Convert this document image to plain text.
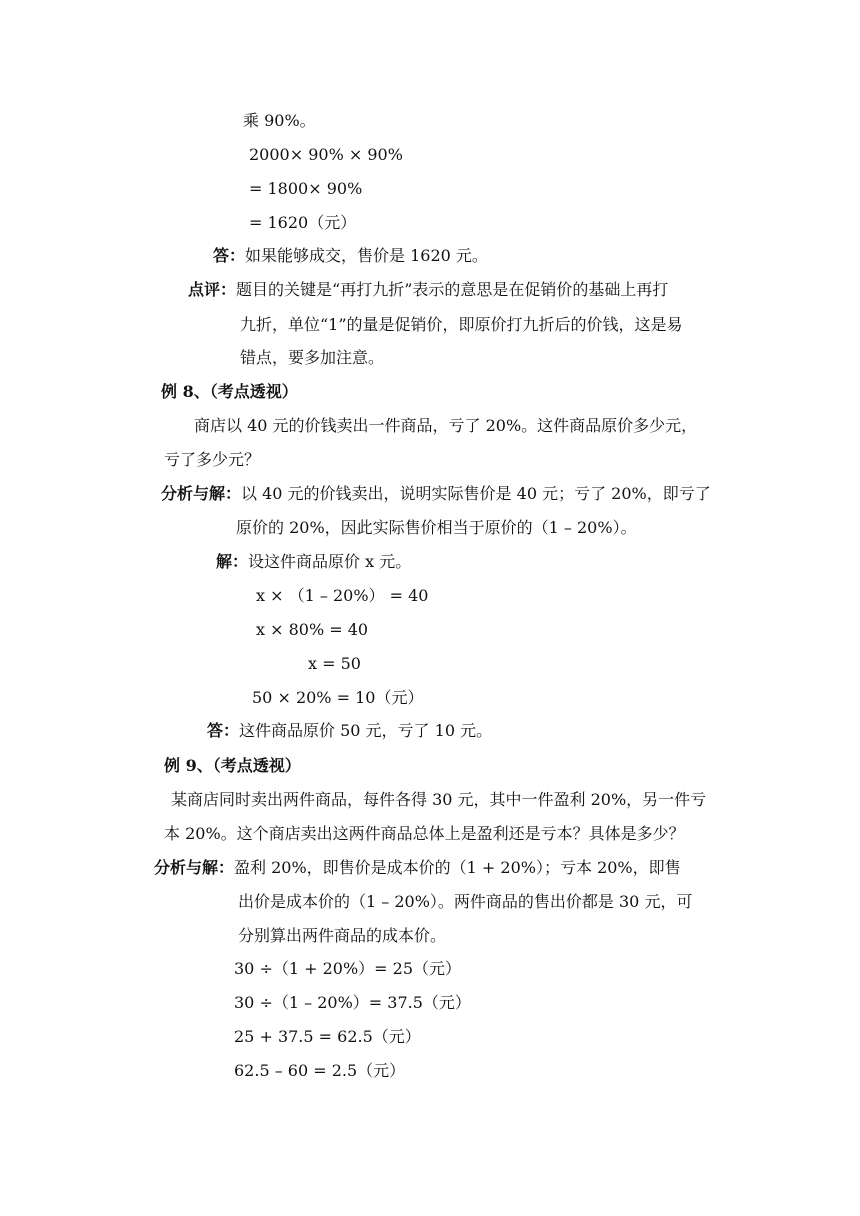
乘 90%。
2000× 90% × 90%
= 1800× 90%
= 1620（元）
答：如果能够成交，售价是 1620 元。
点评：题目的关键是“再打九折”表示的意思是在促销价的基础上再打
九折，单位“1”的量是促销价，即原价打九折后的价钱，这是易
错点，要多加注意。
例 8、（考点透视）
商店以 40 元的价钱卖出一件商品，亏了 20%。这件商品原价多少元，
亏了多少元？
分析与解：以 40 元的价钱卖出，说明实际售价是 40 元；亏了 20%，即亏了
原价的 20%，因此实际售价相当于原价的（1 – 20%）。
解：设这件商品原价 x 元。
x × （1 – 20%） = 40
x × 80% = 40
x = 50
50 × 20% = 10（元）
答：这件商品原价 50 元，亏了 10 元。
例 9、（考点透视）
某商店同时卖出两件商品，每件各得 30 元，其中一件盈利 20%，另一件亏
本 20%。这个商店卖出这两件商品总体上是盈利还是亏本？具体是多少？
分析与解：盈利 20%，即售价是成本价的（1 + 20%）；亏本 20%，即售
出价是成本价的（1 – 20%）。两件商品的售出价都是 30 元，可
分别算出两件商品的成本价。
30 ÷（1 + 20%）= 25（元）
30 ÷（1 – 20%）= 37.5（元）
25 + 37.5 = 62.5（元）
62.5 – 60 = 2.5（元）
